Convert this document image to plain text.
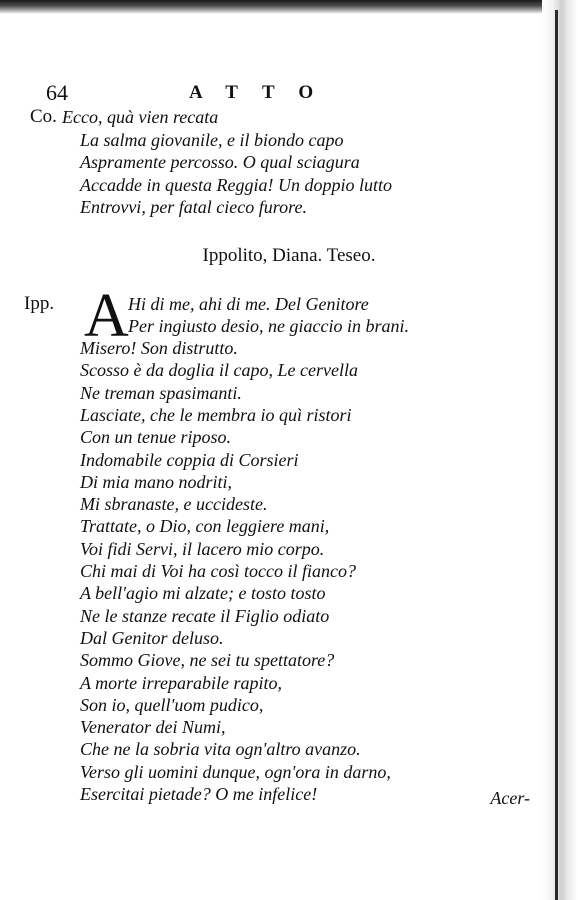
64	ATTO
Co. Ecco, quà vien recata
La salma giovanile, e il biondo capo
Aspramente percosso. O qual sciagura
Accadde in questa Reggia! Un doppio lutto
Entrovvi, per fatal cieco furore.
Ippolito, Diana. Teseo.
Ipp. A Hi di me, ahi di me. Del Genitore
Per ingiusto desio, ne giaccio in brani.
Misero! Son distrutto.
Scosso è da doglia il capo, Le cervella
Ne treman spasimanti.
Lasciate, che le membra io quì ristori
Con un tenue riposo.
Indomabile coppia di Corsieri
Di mia mano nodriti,
Mi sbranaste, e uccideste.
Trattate, o Dio, con leggiere mani,
Voi fidi Servi, il lacero mio corpo.
Chi mai di Voi ha così tocco il fianco?
A bell'agio mi alzate; e tosto tosto
Ne le stanze recate il Figlio odiato
Dal Genitor deluso.
Sommo Giove, ne sei tu spettatore?
A morte irreparabile rapito,
Son io, quell'uom pudico,
Venerator dei Numi,
Che ne la sobria vita ogn'altro avanzo.
Verso gli uomini dunque, ogn'ora in darno,
Esercitai pietade? O me infelice!	Acer-
